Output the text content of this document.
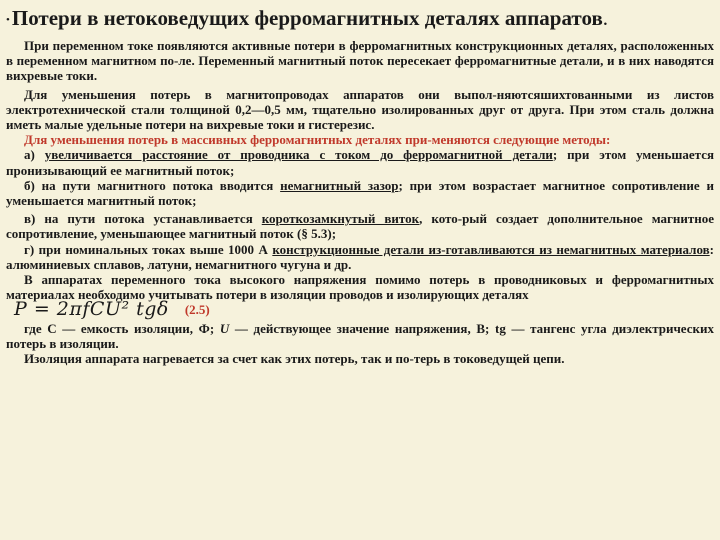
•Потери в нетоковедущих ферромагнитных деталях аппаратов.

При переменном токе появляются активные потери в ферромагнитных конструкционных деталях, расположенных в переменном магнитном по-ле. Переменный магнитный поток пересекает ферромагнитные детали, и в них наводятся вихревые токи.

Для уменьшения потерь в магнитопроводах аппаратов они выпол-няютсяшихтованными из листов электротехнической стали толщиной 0,2—0,5 мм, тщательно изолированных друг от друга. При этом сталь должна иметь малые удельные потери на вихревые токи и гистерезис.

Для уменьшения потерь в массивных ферромагнитных деталях при-меняются следующие методы:

а) увеличивается расстояние от проводника с током до ферромагнитной детали; при этом уменьшается пронизывающий ее магнитный поток;

б) на пути магнитного потока вводится немагнитный зазор; при этом возрастает магнитное сопротивление и уменьшается магнитный поток;

в) на пути потока устанавливается короткозамкнутый виток, кото-рый создает дополнительное магнитное сопротивление, уменьшающее магнитный поток (§ 5.3);

г) при номинальных токах выше 1000 А конструкционные детали из-готавливаются из немагнитных материалов: алюминиевых сплавов, латуни, немагнитного чугуна и др.

В аппаратах переменного тока высокого напряжения помимо потерь в проводниковых и ферромагнитных материалах необходимо учитывать потери в изоляции проводов и изолирующих деталях

P = 2πfCU² tgδ (2.5)

где С — емкость изоляции, Ф; U — действующее значение напряжения, В; tg — тангенс угла диэлектрических потерь в изоляции.

Изоляция аппарата нагревается за счет как этих потерь, так и по-терь в токоведущей цепи.
